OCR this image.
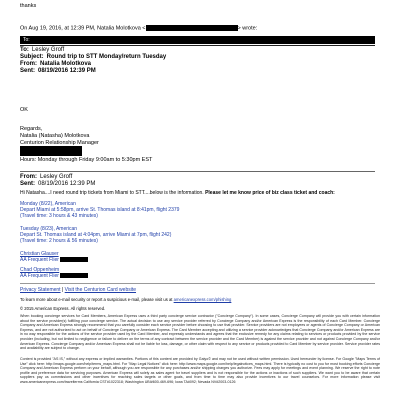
thanks
On Aug 19, 2016, at 12:39 PM, Natalia Molotkova <	> wrote:
To:
To: Lesley Groff
Subject: Round trip to STT Monday/return Tuesday
From: Natalia Molotkova
Sent: 08/19/2016 12:39 PM
OK
Regards,
Natalia (Natasha) Molotkova
Centurion Relationship Manager
Hours: Monday through Friday 9:00am to 5:30pm EST
From: Lesley Groff
Sent: 08/19/2016 12:39 PM
Hi Natasha....I need round trip tickets from Miami to STT....below is the information. Please let me know price of biz class ticket and coach:
Monday (8/22), American
Depart Miami at 5:58pm, arrive St. Thomas island at 8:41pm, flight 2379
(Travel time: 3 hours & 43 minutes)
Tuesday (8/23), American
Depart St. Thomas island at 4:04pm, arrive Miami at 7pm, flight 242)
(Travel time: 2 hours & 56 minutes)
Christian Glauser
AA Frequent Flier
Chad Oppenheim
AA Frequent Flier
Privacy Statement | Visit the Centurion Card website
To learn more about e-mail security or report a suspicious e-mail, please visit us at americanexpress.com/phishing
© 2015 American Express. All rights reserved.
When booking concierge services for Card Members, American Express uses a third party concierge service contractor ("Concierge Company"). In some cases, Concierge Company will provide you with certain information about the service provider(s) fulfilling your concierge service. The actual decision to use any service provider referred by Concierge Company and/or American Express is the responsibility of each Card Member. Concierge Company and American Express strongly recommend that you carefully consider each service provider before choosing to use that provider. Service providers are not employees or agents of Concierge Company or American Express, and are not authorized to act on behalf of Concierge Company or American Express. The Card Member accepting and utilizing a service provider acknowledges that Concierge Company and/or American Express are in no way responsible for the actions of the service provider used by the Card Member, and expressly understands and agrees that the exclusive remedy for any claims relating to services or products provided by the service provider (including, but not limited to negligence or failure to deliver on the terms of any contract between the service provider and the Card Member) is against the service provider and not against Concierge Company and/or American Express. Concierge Company and/or American Express shall not be liable for loss, damage, or other claim with respect to any service or products provided to Card Member by service provider. Service provider rates and availability are subject to change.
Content is provided "AS IS," without any express or implied warranties. Portions of this content are provided by Gaiyo© and may not be used without written permission. Used hereunder by license. For Google "Maps Terms of Use" click here: http://maps.google.com/help/terms_maps.html. For "Map Legal Notices" click here: http://www.maps.google.com/help/legalnotices_maps.html. There is typically no cost to you for most booking efforts Concierge Company and American Express perform on your behalf, although you are responsible for any purchases and/or shipping charges you authorize. Fees may apply for meetings and event planning. We reserve the right to note profile and preference data for servicing purposes. American Express will solely as sales agent for travel suppliers and is not responsible for the actions or inactions of such suppliers. We want you to be aware that certain suppliers pay us commissions and other incentives for reaching sales targets or other goals, and from time to time may also provide incentives to our travel counselors. For more information please visit www.americanexpress.com/travelterms California CST#1022318; Washington UBI#600-469-696; Iowa TA#092; Nevada NV#2003-0126
